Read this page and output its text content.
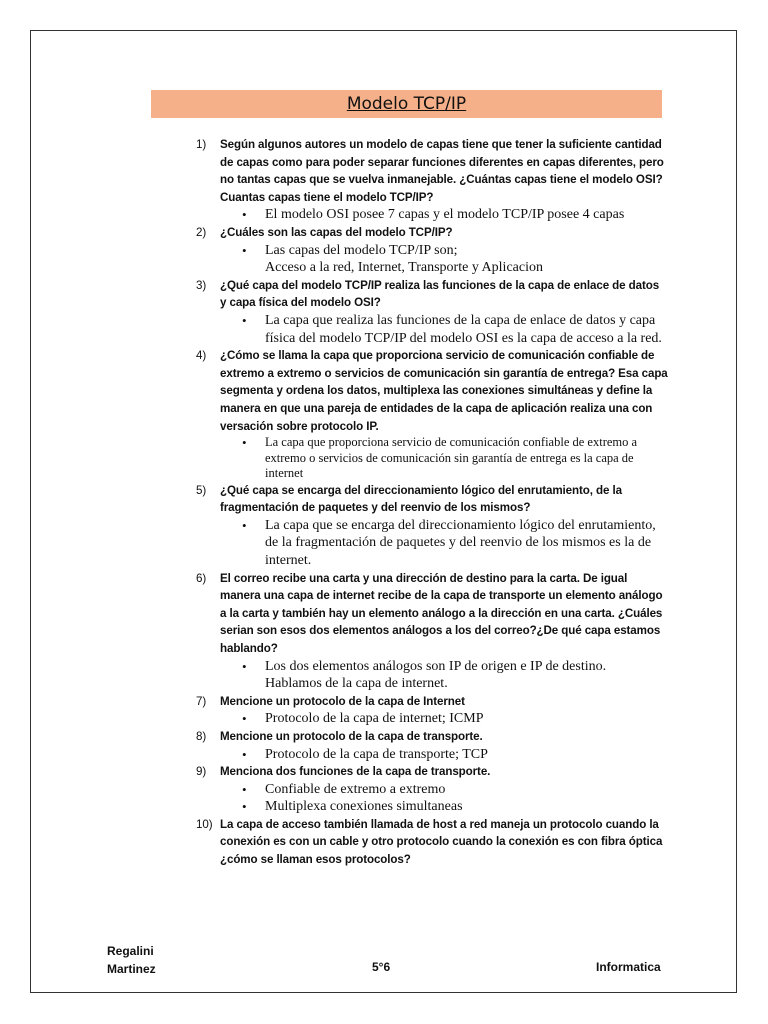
Modelo TCP/IP
1)	Según algunos autores un modelo de capas tiene que tener la suficiente cantidad de capas como para poder separar funciones diferentes en capas diferentes, pero no tantas capas que se vuelva inmanejable. ¿Cuántas capas tiene el modelo OSI? Cuantas capas tiene el modelo TCP/IP?
•	El modelo OSI posee 7 capas y el modelo TCP/IP posee 4 capas
2)	¿Cuáles son las capas del modelo TCP/IP?
•	Las capas del modelo TCP/IP son;
Acceso a la red, Internet, Transporte y Aplicacion
3)	¿Qué capa del modelo TCP/IP realiza las funciones de la capa de enlace de datos y capa física del modelo OSI?
•	La capa que realiza las funciones de la capa de enlace de datos y capa física del modelo TCP/IP del modelo OSI es la capa de acceso a la red.
4)	¿Cómo se llama la capa que proporciona servicio de comunicación confiable de extremo a extremo o servicios de comunicación sin garantía de entrega? Esa capa segmenta y ordena los datos, multiplexa las conexiones simultáneas y define la manera en que una pareja de entidades de la capa de aplicación realiza una con versación sobre protocolo IP.
•	La capa que proporciona servicio de comunicación confiable de extremo a extremo o servicios de comunicación sin garantía de entrega es la capa de internet
5)	¿Qué capa se encarga del direccionamiento lógico del enrutamiento, de la fragmentación de paquetes y del reenvio de los mismos?
•	La capa que se encarga del direccionamiento lógico del enrutamiento, de la fragmentación de paquetes y del reenvio de los mismos es la de internet.
6)	El correo recibe una carta y una dirección de destino para la carta. De igual manera una capa de internet recibe de la capa de transporte un elemento análogo a la carta y también hay un elemento análogo a la dirección en una carta. ¿Cuáles serian son esos dos elementos análogos a los del correo?¿De qué capa estamos hablando?
•	Los dos elementos análogos son IP de origen e IP de destino.
Hablamos de la capa de internet.
7)	Mencione un protocolo de la capa de Internet
•	Protocolo de la capa de internet; ICMP
8)	Mencione un protocolo de la capa de transporte.
•	Protocolo de la capa de transporte; TCP
9)	Menciona dos funciones de la capa de transporte.
•	Confiable de extremo a extremo
•	Multiplexa conexiones simultaneas
10) La capa de acceso también llamada de host a red maneja un protocolo cuando la conexión es con un cable y otro protocolo cuando la conexión es con fibra óptica ¿cómo se llaman esos protocolos?
Regalini
Martinez	5°6	Informatica
